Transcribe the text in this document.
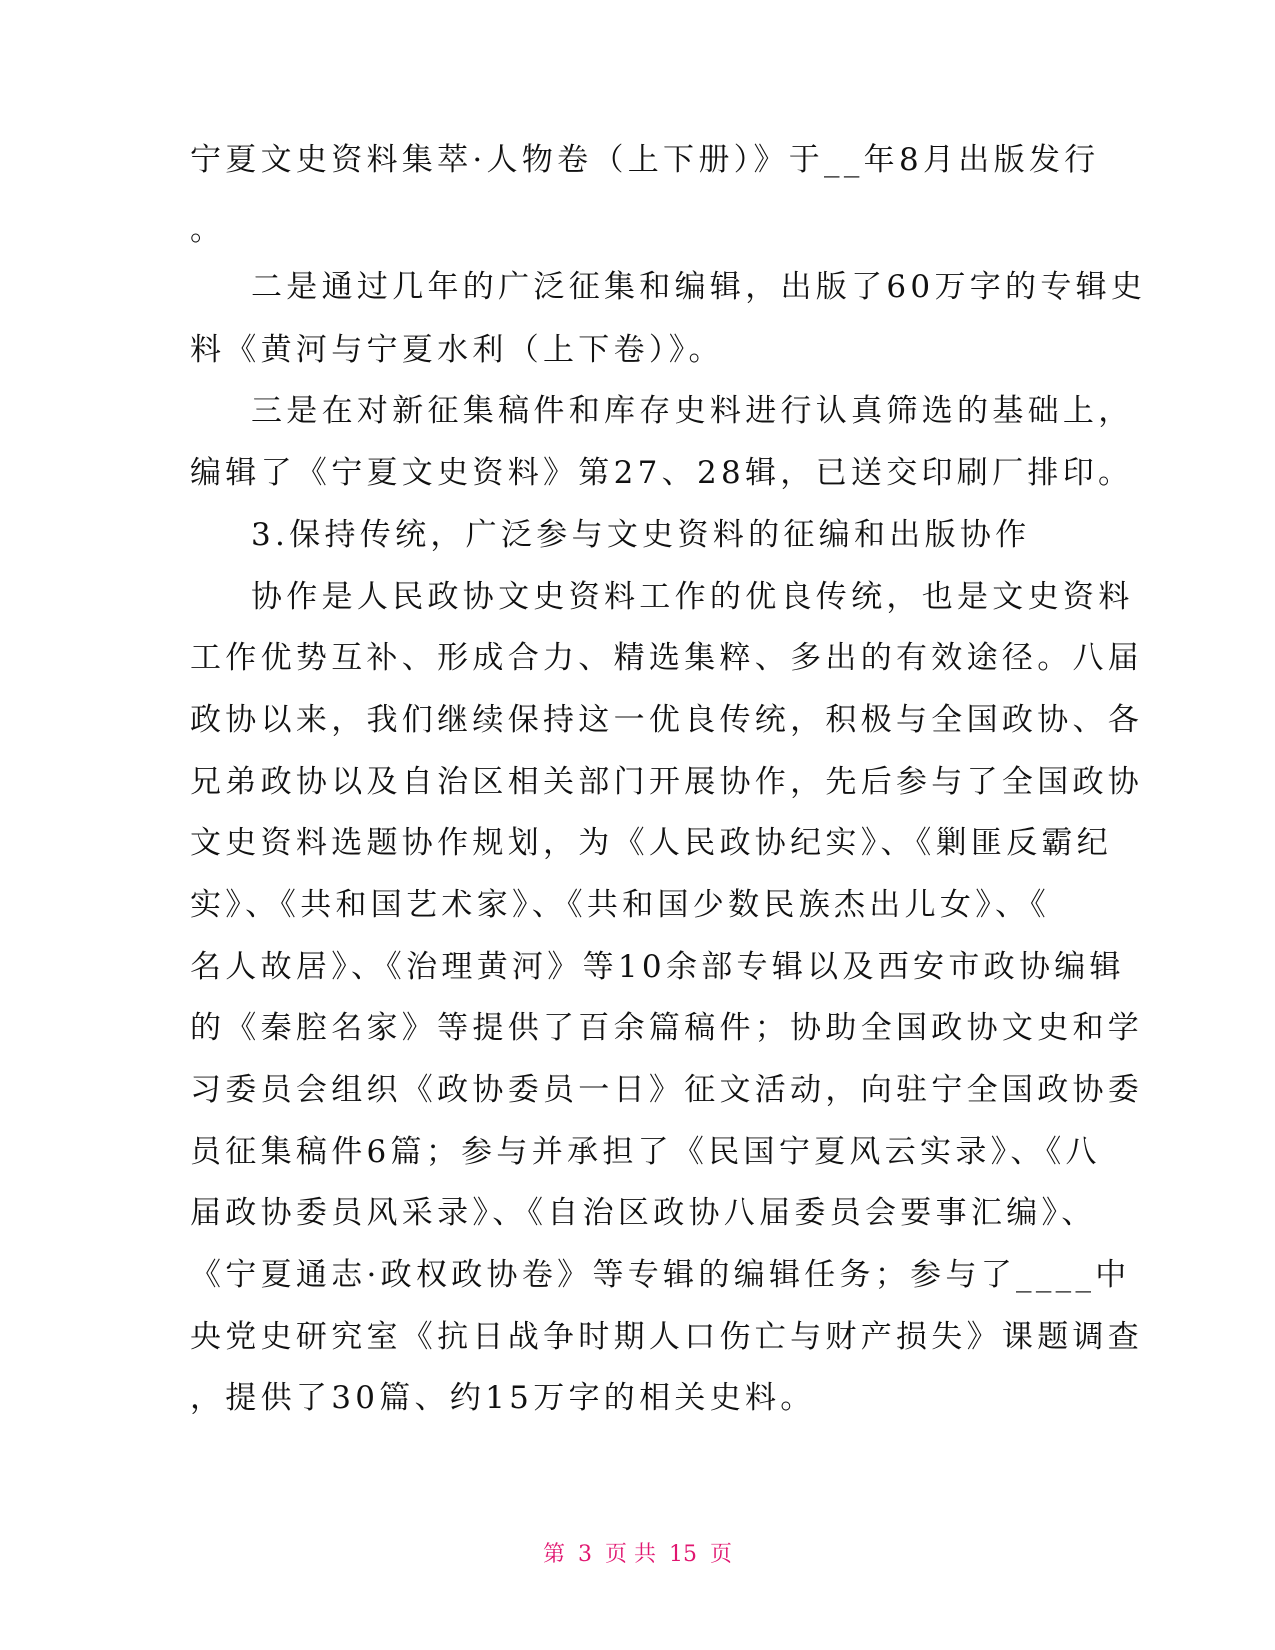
宁夏文史资料集萃·人物卷（上下册）》于__年8月出版发行
。
二是通过几年的广泛征集和编辑，出版了60万字的专辑史
料《黄河与宁夏水利（上下卷）》。
三是在对新征集稿件和库存史料进行认真筛选的基础上，
编辑了《宁夏文史资料》第27、28辑，已送交印刷厂排印。
3.保持传统，广泛参与文史资料的征编和出版协作
协作是人民政协文史资料工作的优良传统，也是文史资料
工作优势互补、形成合力、精选集粹、多出的有效途径。八届
政协以来，我们继续保持这一优良传统，积极与全国政协、各
兄弟政协以及自治区相关部门开展协作，先后参与了全国政协
文史资料选题协作规划，为《人民政协纪实》、《剿匪反霸纪
实》、《共和国艺术家》、《共和国少数民族杰出儿女》、《
名人故居》、《治理黄河》等10余部专辑以及西安市政协编辑
的《秦腔名家》等提供了百余篇稿件；协助全国政协文史和学
习委员会组织《政协委员一日》征文活动，向驻宁全国政协委
员征集稿件6篇；参与并承担了《民国宁夏风云实录》、《八
届政协委员风采录》、《自治区政协八届委员会要事汇编》、
《宁夏通志·政权政协卷》等专辑的编辑任务；参与了____中
央党史研究室《抗日战争时期人口伤亡与财产损失》课题调查
，提供了30篇、约15万字的相关史料。
第 3 页 共 15 页
